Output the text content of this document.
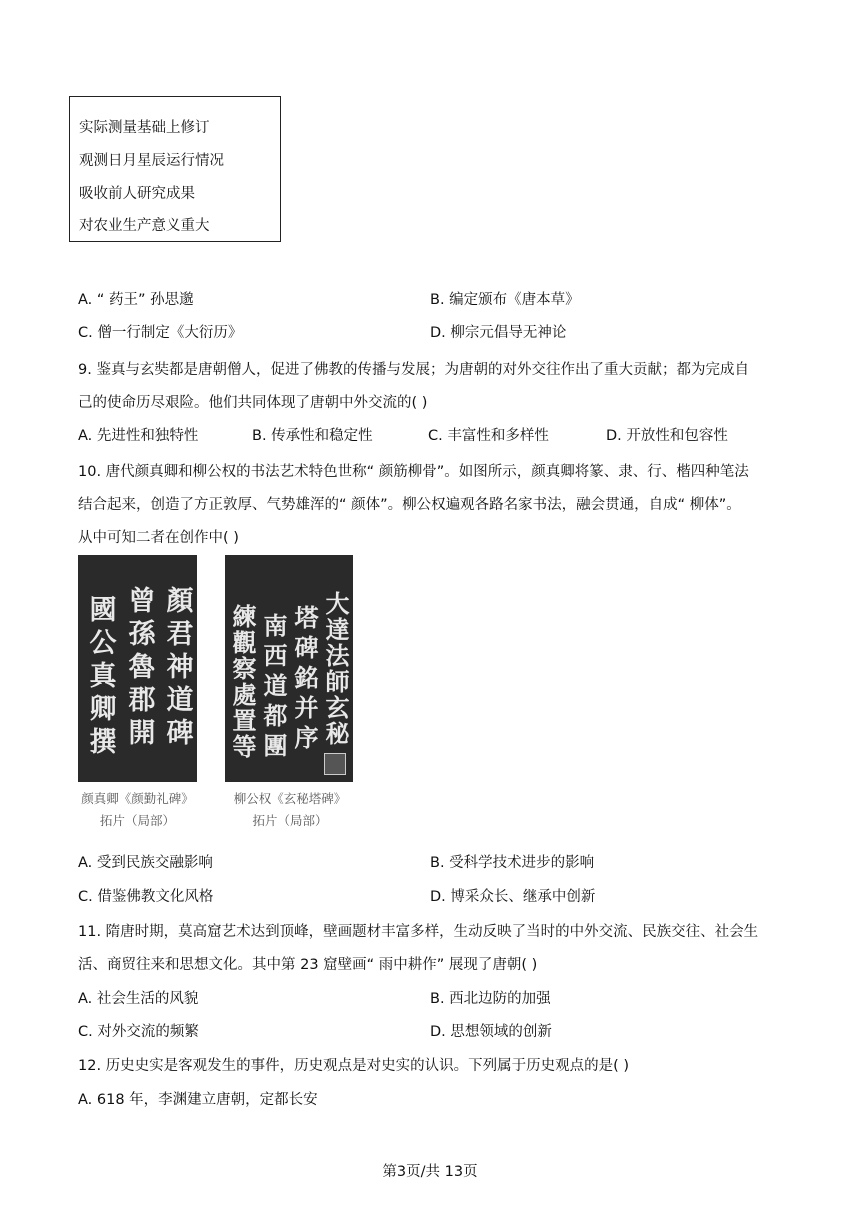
实际测量基础上修订
观测日月星辰运行情况
吸收前人研究成果
对农业生产意义重大
A. “ 药王” 孙思邈	B. 编定颁布《唐本草》
C. 僧一行制定《大衍历》	D. 柳宗元倡导无神论
9. 鉴真与玄奘都是唐朝僧人，促进了佛教的传播与发展；为唐朝的对外交往作出了重大贡献；都为完成自
己的使命历尽艰险。他们共同体现了唐朝中外交流的( )
A. 先进性和独特性	B. 传承性和稳定性	C. 丰富性和多样性	D. 开放性和包容性
10. 唐代颜真卿和柳公权的书法艺术特色世称“ 颜筋柳骨”。如图所示，颜真卿将篆、隶、行、楷四种笔法
结合起来，创造了方正敦厚、气势雄浑的“ 颜体”。柳公权遍观各路名家书法，融会贯通，自成“ 柳体”。
从中可知二者在创作中( )
顏君神道碑
曾孫魯郡開
國公真卿撰
颜真卿《颜勤礼碑》
拓片（局部）
大達法師玄秘
塔碑銘并序
南西道都團
練觀察處置等
柳公权《玄秘塔碑》
拓片（局部）
A. 受到民族交融影响	B. 受科学技术进步的影响
C. 借鉴佛教文化风格	D. 博采众长、继承中创新
11. 隋唐时期，莫高窟艺术达到顶峰，壁画题材丰富多样，生动反映了当时的中外交流、民族交往、社会生
活、商贸往来和思想文化。其中第 23 窟壁画“ 雨中耕作” 展现了唐朝( )
A. 社会生活的风貌	B. 西北边防的加强
C. 对外交流的频繁	D. 思想领域的创新
12. 历史史实是客观发生的事件，历史观点是对史实的认识。下列属于历史观点的是( )
A. 618 年，李渊建立唐朝，定都长安
第3页/共 13页
